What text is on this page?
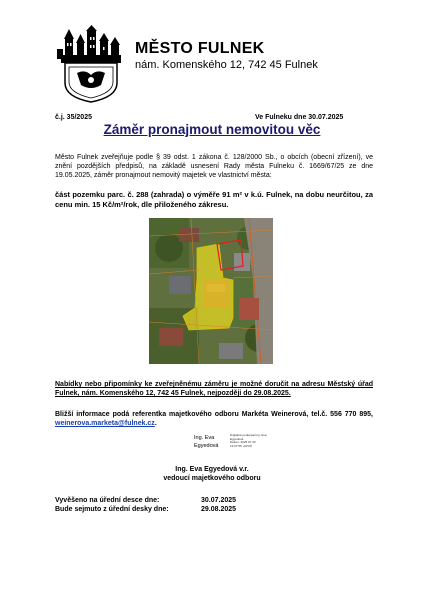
MĚSTO FULNEK
nám. Komenského 12, 742 45 Fulnek
č.j. 35/2025	Ve Fulneku dne 30.07.2025
Záměr pronajmout nemovitou věc
Město Fulnek zveřejňuje podle § 39 odst. 1 zákona č. 128/2000 Sb., o obcích (obecní zřízení), ve znění pozdějších předpisů, na základě usnesení Rady města Fulneku č. 1669/67/25 ze dne 19.05.2025, záměr pronajmout nemovitý majetek ve vlastnictví města:
část pozemku parc. č. 288 (zahrada) o výměře 91 m² v k.ú. Fulnek, na dobu neurčitou, za cenu min. 15 Kč/m²/rok, dle přiloženého zákresu.
Nabídky nebo připomínky ke zveřejněnému záměru je možné doručit na adresu Městský úřad Fulnek, nám. Komenského 12, 742 45 Fulnek, nejpozději do 29.08.2025.
Bližší informace podá referentka majetkového odboru Markéta Weinerová, tel.č. 556 770 895, weinerova.marketa@fulnek.cz.
Ing. Eva
Egyedová
Digitálně podepsal Ing. Eva Egyedová
Datum: 2025.07.30
13:07:55 +02'00'
Ing. Eva Egyedová v.r.
vedoucí majetkového odboru
Vyvěšeno na úřední desce dne:	30.07.2025
Bude sejmuto z úřední desky dne:	29.08.2025
